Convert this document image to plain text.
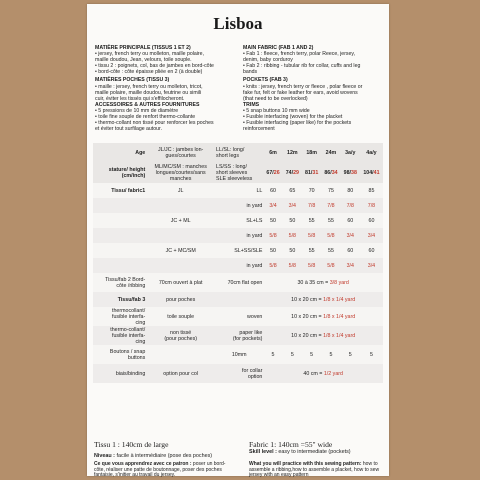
Lisboa
MATIÈRE PRINCIPALE (TISSUS 1 ET 2)
• jersey, french terry ou molleton, maille polaire,
maille doudou, Jean, velours, toile souple.
• tissu 2 : poignets, col, bas de jambes en bord-côte
• bord-côte : côte épaisse pliée en 2 (à double)
MATIÈRES POCHES (TISSU 3)
• maille : jersey, french terry ou molleton, tricot,
maille polaire, maille doudou, feutrine ou simili
cuir, éviter les tissés qui s'effilocheront.
ACCESSOIRES & AUTRES FOURNITURES
• 5 pressions de 10 mm de diamètre
• toile fine souple de renfort thermo-collante
• thermo-collant non tissé pour renforcer les poches
et éviter tout surfilage autour.
MAIN FABRIC (FAB 1 AND 2)
• Fab 1 : fleece, french terry, polar Reece, jersey,
denim, baby corduroy
• Fab 2 : ribbing - tubular rib for collar, cuffs and leg
bands
POCKETS (FAB 3)
• knits : jersey, french terry or fleece , polar fleece or
fake fur, felt or fake leather for ears, avoid wovens
(that need to be overlocked)
TRIMS
• 5 snap buttons 10 mm wide
• Fusible interfacing (woven) for the placket
• Fusible interfacing (paper like) for the pockets
reinforcement
Age	JL/JC : jambes lon-
gues/courtes	LL/SL: long/
short legs	6m	12m	18m	24m	3a/y	4a/y
stature/ height
(cm/inch)	ML/MC/SM : manches
longues/courtes/sans
manches	LS/SS : long/
short sleeves
SLE sleeveless	67/26	74/29	81/31	86/34	98/38	104/41
Tissu/ fabric1	JL	LL	60	65	70	75	80	85
		in yard	3/4	3/4	7/8	7/8	7/8	7/8
	JC + ML	SL+LS	50	50	55	55	60	60
		in yard	5/8	5/8	5/8	5/8	3/4	3/4
	JC + MC/SM	SL+SS/SLE	50	50	55	55	60	60
		in yard	5/8	5/8	5/8	5/8	3/4	3/4
Tissu/fab 2 Bord-
côte /ribbing	70cm ouvert à plat	70cm flat open	30 à 35 cm = 3/8 yard					
Tissu/fab 3	pour poches		10 x 20 cm = 1/8 x 1/4 yard					
thermocollant/
fusible interfa-
cing	toile souple	woven	10 x 20 cm = 1/8 x 1/4 yard					
thermo-collant/
fusible interfa-
cing	non tissé
(pour poches)	paper like
(for pockets)	10 x 20 cm = 1/8 x 1/4 yard					
Boutons / snap
buttons		10mm	5	5	5	5	5	5
biais/binding	option pour col	for collar
option	40 cm = 1/2 yard					
Tissu 1 : 140cm de large	Fabric 1: 140cm =55" wide
Niveau : facile à intermédiaire (pose des poches)
Ce que vous apprendrez avec ce patron : poser un bord-côte, réaliser une patte de boutonnage, poser des poches fantaisie, s'initier au travail du jersey.
Skill level : easy to intermediate (pockets)
What you will practice with this sewing pattern: how to assemble a ribbing,how to assemble a placket, how to sew jersey with an easy pattern
